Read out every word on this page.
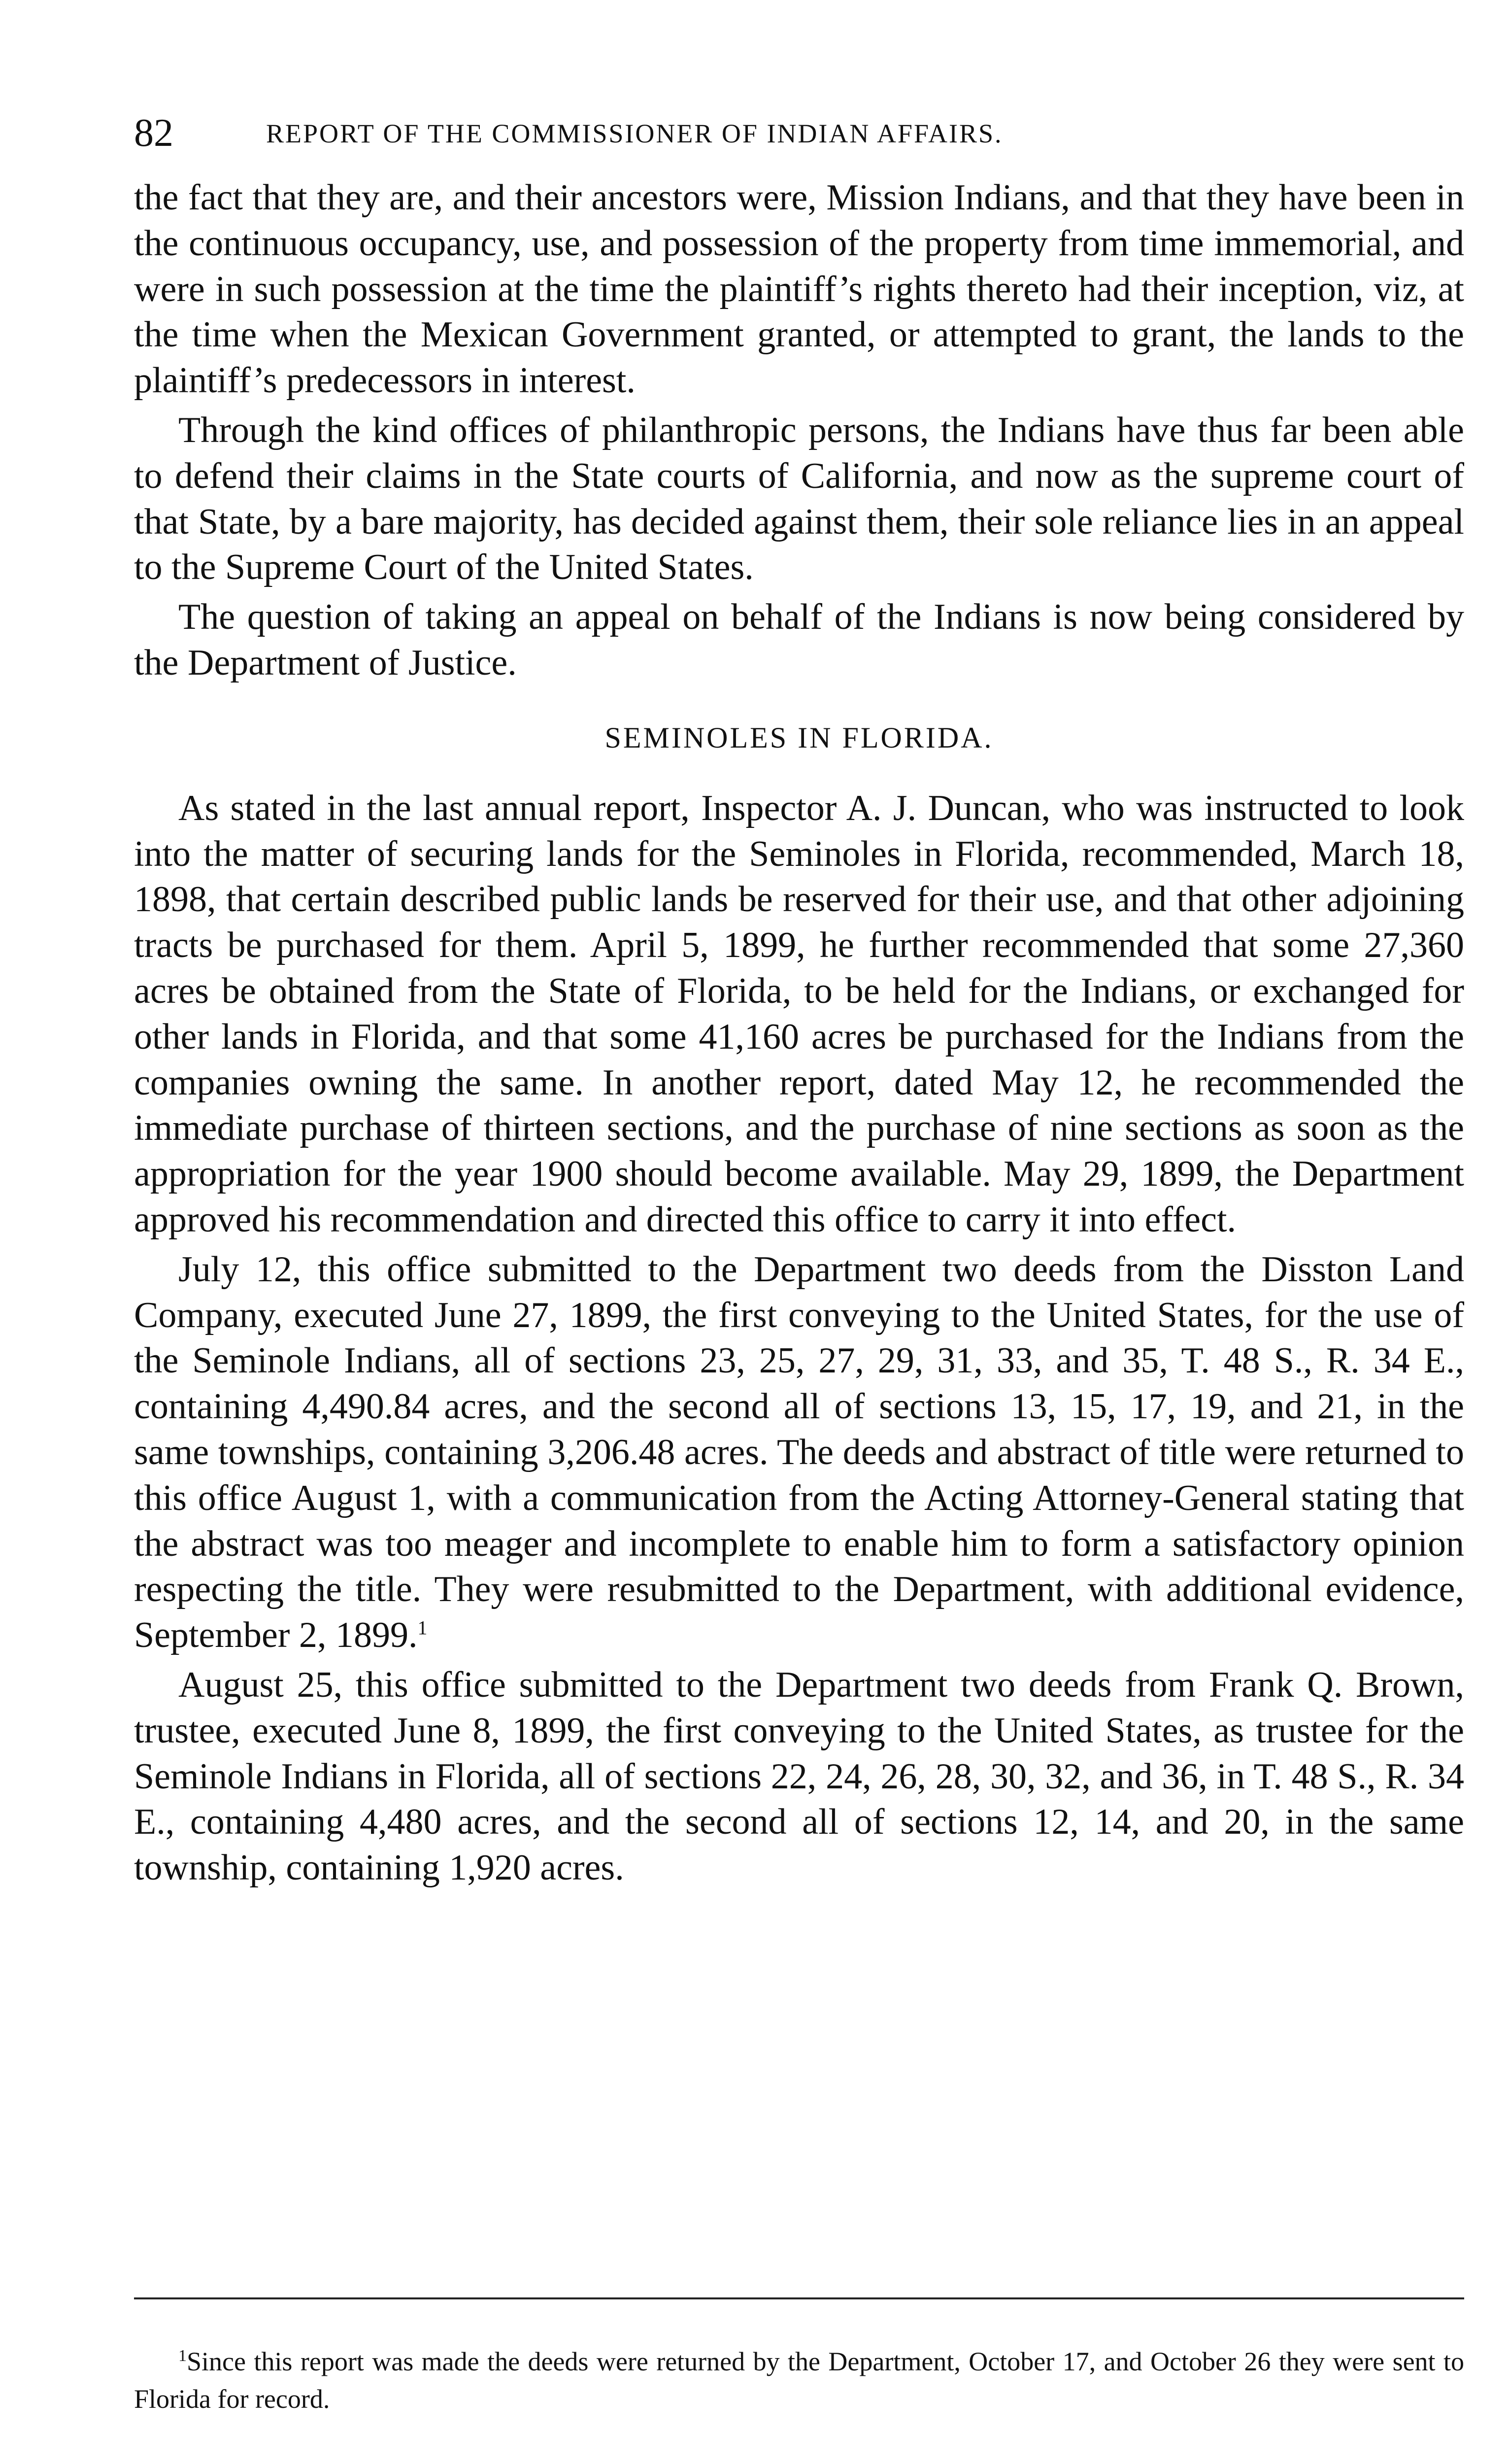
82	REPORT OF THE COMMISSIONER OF INDIAN AFFAIRS.

the fact that they are, and their ancestors were, Mission Indians, and that they have been in the continuous occupancy, use, and possession of the property from time immemorial, and were in such possession at the time the plaintiff’s rights thereto had their inception, viz, at the time when the Mexican Government granted, or attempted to grant, the lands to the plaintiff’s predecessors in interest.

Through the kind offices of philanthropic persons, the Indians have thus far been able to defend their claims in the State courts of California, and now as the supreme court of that State, by a bare majority, has decided against them, their sole reliance lies in an appeal to the Supreme Court of the United States.

The question of taking an appeal on behalf of the Indians is now being considered by the Department of Justice.

SEMINOLES IN FLORIDA.

As stated in the last annual report, Inspector A. J. Duncan, who was instructed to look into the matter of securing lands for the Seminoles in Florida, recommended, March 18, 1898, that certain described public lands be reserved for their use, and that other adjoining tracts be purchased for them. April 5, 1899, he further recommended that some 27,360 acres be obtained from the State of Florida, to be held for the Indians, or exchanged for other lands in Florida, and that some 41,160 acres be purchased for the Indians from the companies owning the same. In another report, dated May 12, he recommended the immediate purchase of thirteen sections, and the purchase of nine sections as soon as the appropriation for the year 1900 should become available. May 29, 1899, the Department approved his recommendation and directed this office to carry it into effect.

July 12, this office submitted to the Department two deeds from the Disston Land Company, executed June 27, 1899, the first conveying to the United States, for the use of the Seminole Indians, all of sections 23, 25, 27, 29, 31, 33, and 35, T. 48 S., R. 34 E., containing 4,490.84 acres, and the second all of sections 13, 15, 17, 19, and 21, in the same townships, containing 3,206.48 acres. The deeds and abstract of title were returned to this office August 1, with a communication from the Acting Attorney-General stating that the abstract was too meager and incomplete to enable him to form a satisfactory opinion respecting the title. They were resubmitted to the Department, with additional evidence, September 2, 1899.$^1$

August 25, this office submitted to the Department two deeds from Frank Q. Brown, trustee, executed June 8, 1899, the first conveying to the United States, as trustee for the Seminole Indians in Florida, all of sections 22, 24, 26, 28, 30, 32, and 36, in T. 48 S., R. 34 E., containing 4,480 acres, and the second all of sections 12, 14, and 20, in the same township, containing 1,920 acres.

$^1$Since this report was made the deeds were returned by the Department, October 17, and October 26 they were sent to Florida for record.
